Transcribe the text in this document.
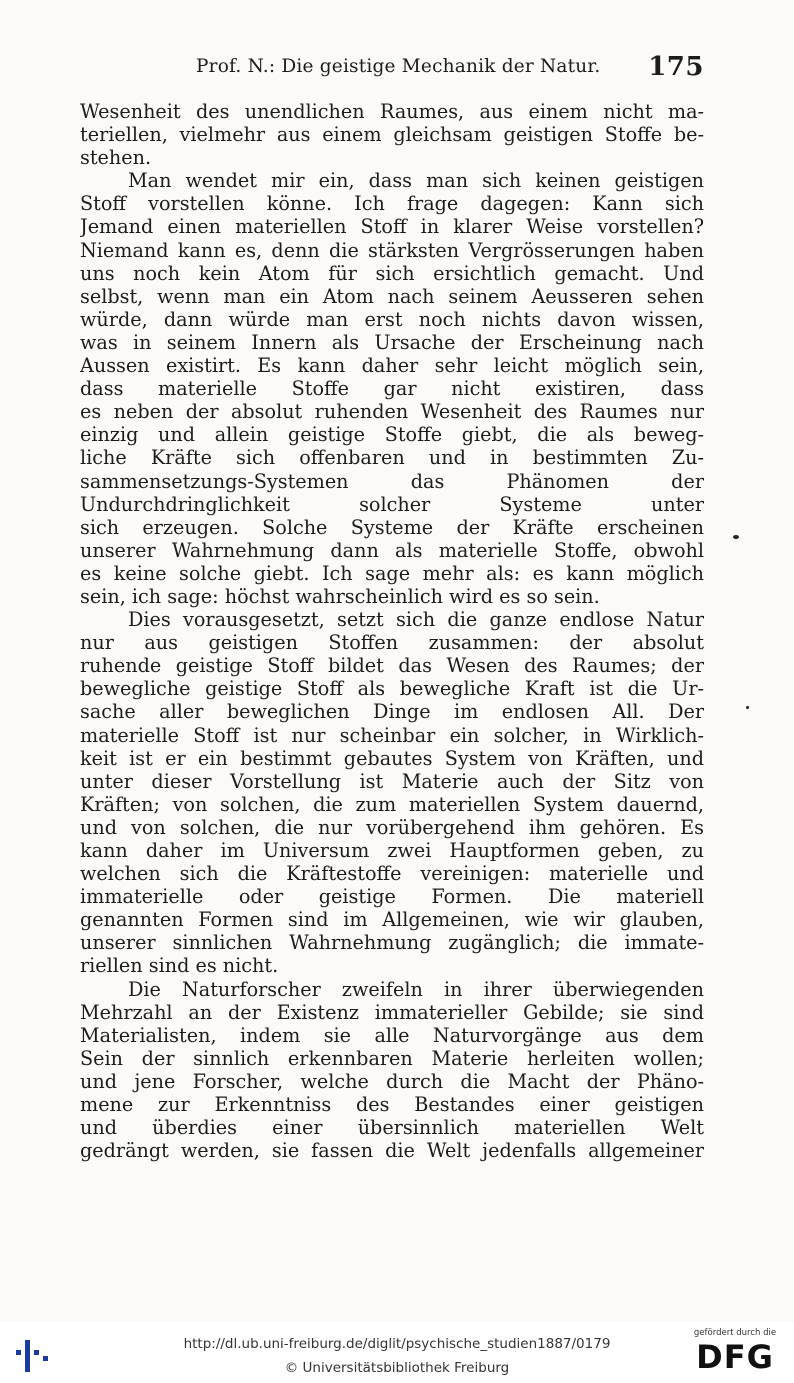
Prof. N.: Die geistige Mechanik der Natur. 175
Wesenheit des unendlichen Raumes, aus einem nicht ma-
teriellen, vielmehr aus einem gleichsam geistigen Stoffe be-
stehen.
Man wendet mir ein, dass man sich keinen geistigen
Stoff vorstellen könne. Ich frage dagegen: Kann sich
Jemand einen materiellen Stoff in klarer Weise vorstellen?
Niemand kann es, denn die stärksten Vergrösserungen haben
uns noch kein Atom für sich ersichtlich gemacht. Und
selbst, wenn man ein Atom nach seinem Aeusseren sehen
würde, dann würde man erst noch nichts davon wissen,
was in seinem Innern als Ursache der Erscheinung nach
Aussen existirt. Es kann daher sehr leicht möglich sein,
dass materielle Stoffe gar nicht existiren, dass
es neben der absolut ruhenden Wesenheit des Raumes nur
einzig und allein geistige Stoffe giebt, die als beweg-
liche Kräfte sich offenbaren und in bestimmten Zu-
sammensetzungs-Systemen das Phänomen der
Undurchdringlichkeit solcher Systeme unter
sich erzeugen. Solche Systeme der Kräfte erscheinen
unserer Wahrnehmung dann als materielle Stoffe, obwohl
es keine solche giebt. Ich sage mehr als: es kann möglich
sein, ich sage: höchst wahrscheinlich wird es so sein.
Dies vorausgesetzt, setzt sich die ganze endlose Natur
nur aus geistigen Stoffen zusammen: der absolut
ruhende geistige Stoff bildet das Wesen des Raumes; der
bewegliche geistige Stoff als bewegliche Kraft ist die Ur-
sache aller beweglichen Dinge im endlosen All. Der
materielle Stoff ist nur scheinbar ein solcher, in Wirklich-
keit ist er ein bestimmt gebautes System von Kräften, und
unter dieser Vorstellung ist Materie auch der Sitz von
Kräften; von solchen, die zum materiellen System dauernd,
und von solchen, die nur vorübergehend ihm gehören. Es
kann daher im Universum zwei Hauptformen geben, zu
welchen sich die Kräftestoffe vereinigen: materielle und
immaterielle oder geistige Formen. Die materiell
genannten Formen sind im Allgemeinen, wie wir glauben,
unserer sinnlichen Wahrnehmung zugänglich; die immate-
riellen sind es nicht.
Die Naturforscher zweifeln in ihrer überwiegenden
Mehrzahl an der Existenz immaterieller Gebilde; sie sind
Materialisten, indem sie alle Naturvorgänge aus dem
Sein der sinnlich erkennbaren Materie herleiten wollen;
und jene Forscher, welche durch die Macht der Phäno-
mene zur Erkenntniss des Bestandes einer geistigen
und überdies einer übersinnlich materiellen Welt
gedrängt werden, sie fassen die Welt jedenfalls allgemeiner
http://dl.ub.uni-freiburg.de/diglit/psychische_studien1887/0179
© Universitätsbibliothek Freiburg
gefördert durch die
DFG
